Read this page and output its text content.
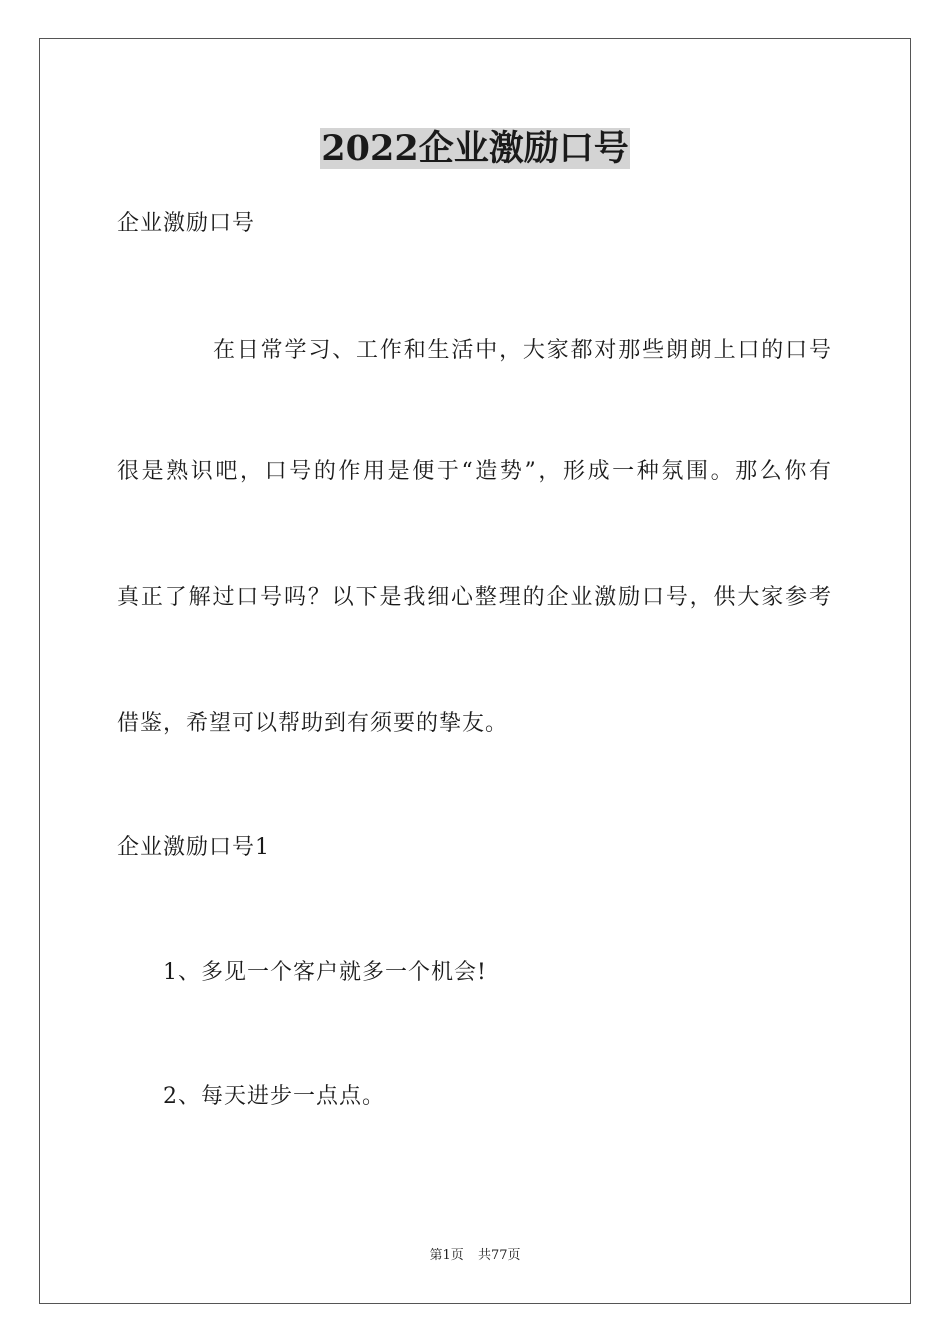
2022企业激励口号

企业激励口号

在日常学习、工作和生活中，大家都对那些朗朗上口的口号

很是熟识吧，口号的作用是便于“造势”，形成一种氛围。那么你有

真正了解过口号吗？以下是我细心整理的企业激励口号，供大家参考

借鉴，希望可以帮助到有须要的挚友。

企业激励口号1

1、多见一个客户就多一个机会!

2、每天进步一点点。

第1页 共77页
